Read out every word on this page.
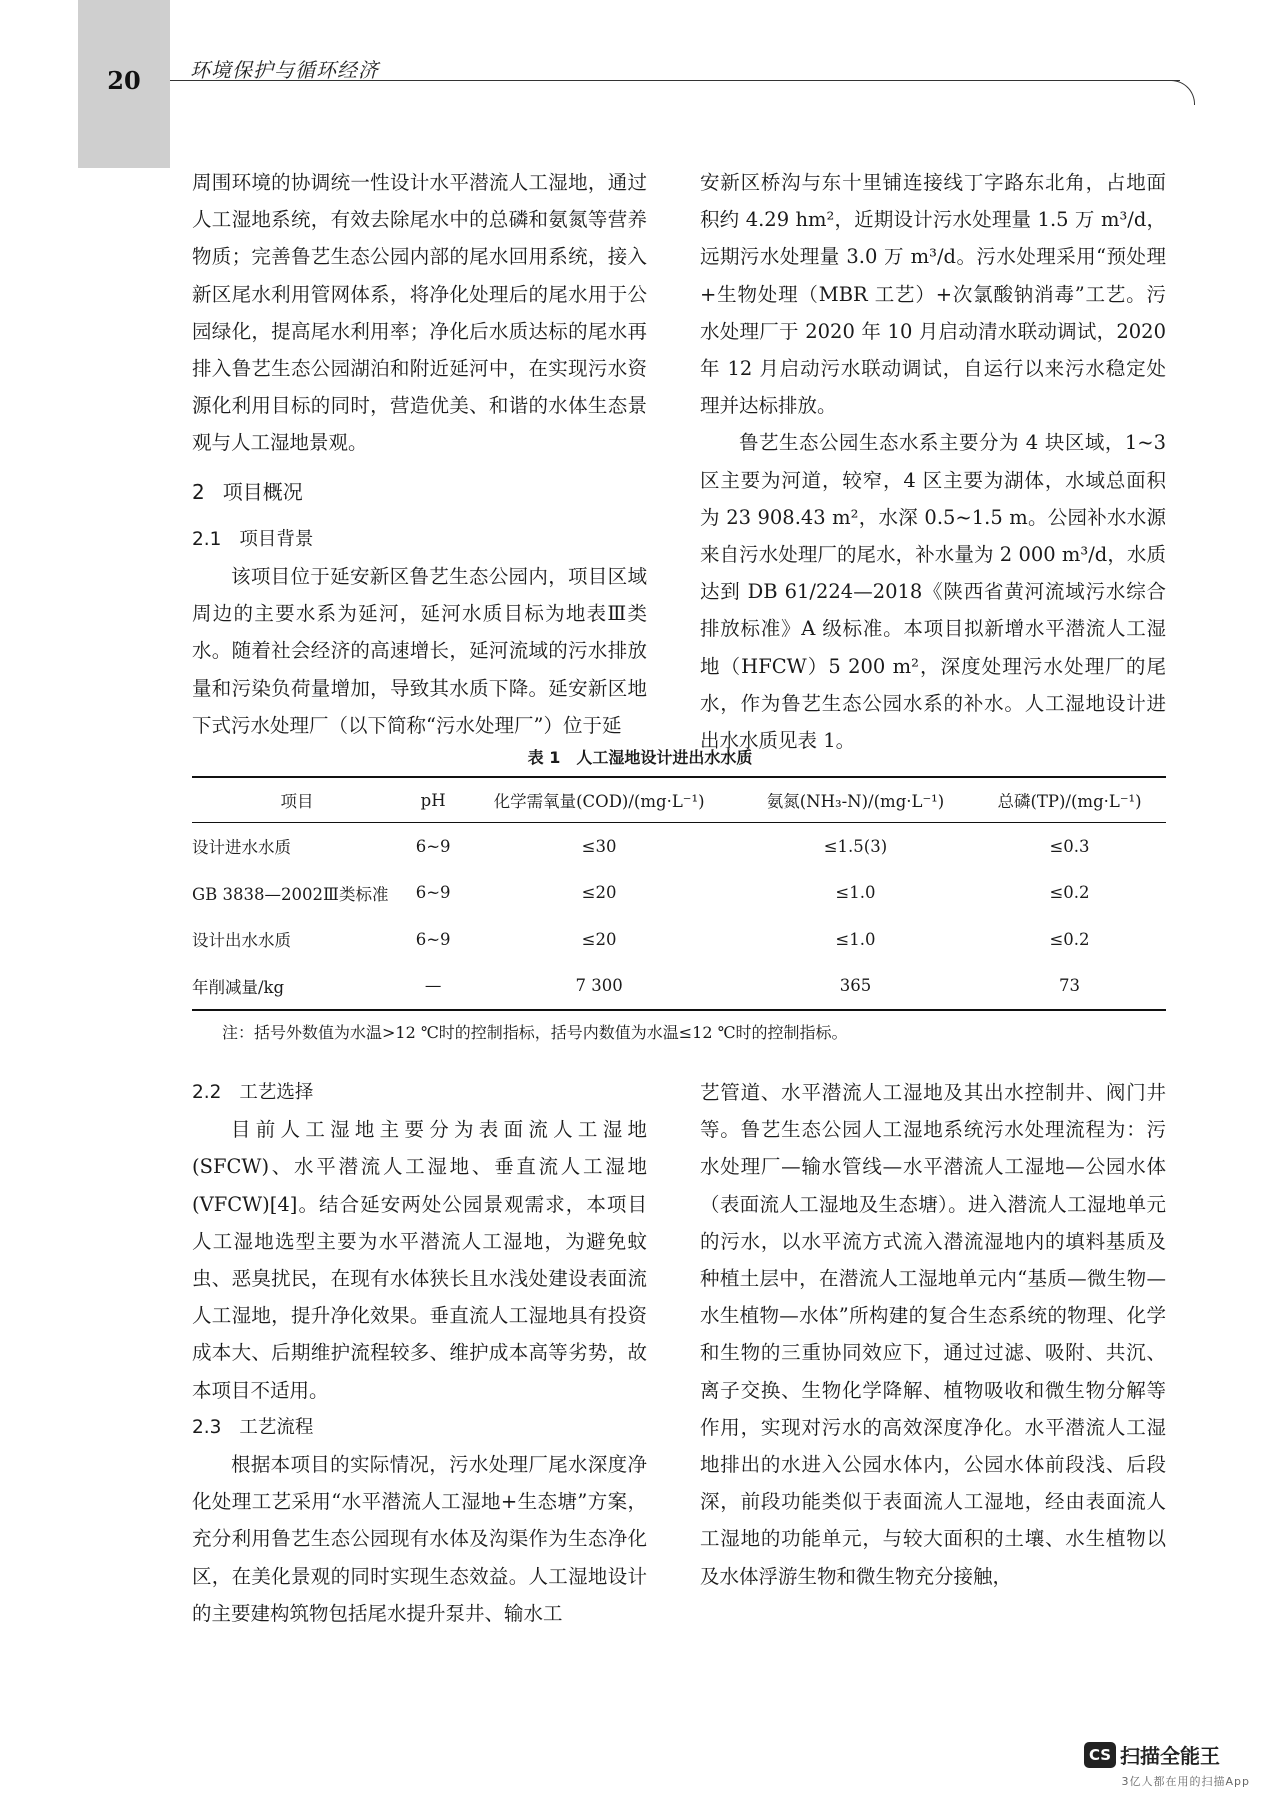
20	环境保护与循环经济

周围环境的协调统一性设计水平潜流人工湿地，通过人工湿地系统，有效去除尾水中的总磷和氨氮等营养物质；完善鲁艺生态公园内部的尾水回用系统，接入新区尾水利用管网体系，将净化处理后的尾水用于公园绿化，提高尾水利用率；净化后水质达标的尾水再排入鲁艺生态公园湖泊和附近延河中，在实现污水资源化利用目标的同时，营造优美、和谐的水体生态景观与人工湿地景观。

2 项目概况
2.1 项目背景

该项目位于延安新区鲁艺生态公园内，项目区域周边的主要水系为延河，延河水质目标为地表Ⅲ类水。随着社会经济的高速增长，延河流域的污水排放量和污染负荷量增加，导致其水质下降。延安新区地下式污水处理厂（以下简称“污水处理厂”）位于延

安新区桥沟与东十里铺连接线丁字路东北角，占地面积约 4.29 hm²，近期设计污水处理量 1.5 万 m³/d，远期污水处理量 3.0 万 m³/d。污水处理采用“预处理+生物处理（MBR 工艺）+次氯酸钠消毒”工艺。污水处理厂于 2020 年 10 月启动清水联动调试，2020 年 12 月启动污水联动调试，自运行以来污水稳定处理并达标排放。

鲁艺生态公园生态水系主要分为 4 块区域，1~3区主要为河道，较窄，4 区主要为湖体，水域总面积为 23 908.43 m²，水深 0.5~1.5 m。公园补水水源来自污水处理厂的尾水，补水量为 2 000 m³/d，水质达到 DB 61/224—2018《陕西省黄河流域污水综合排放标准》A 级标准。本项目拟新增水平潜流人工湿地（HFCW）5 200 m²，深度处理污水处理厂的尾水，作为鲁艺生态公园水系的补水。人工湿地设计进出水水质见表 1。

表 1　人工湿地设计进出水水质
项目	pH	化学需氧量(COD)/(mg·L⁻¹)	氨氮(NH₃-N)/(mg·L⁻¹)	总磷(TP)/(mg·L⁻¹)
设计进水水质	6~9	≤30	≤1.5(3)	≤0.3
GB 3838—2002Ⅲ类标准	6~9	≤20	≤1.0	≤0.2
设计出水水质	6~9	≤20	≤1.0	≤0.2
年削减量/kg	—	7 300	365	73
注：括号外数值为水温>12 ℃时的控制指标，括号内数值为水温≤12 ℃时的控制指标。
2.2 工艺选择

目前人工湿地主要分为表面流人工湿地(SFCW)、水平潜流人工湿地、垂直流人工湿地(VFCW)[4]。结合延安两处公园景观需求，本项目人工湿地选型主要为水平潜流人工湿地，为避免蚊虫、恶臭扰民，在现有水体狭长且水浅处建设表面流人工湿地，提升净化效果。垂直流人工湿地具有投资成本大、后期维护流程较多、维护成本高等劣势，故本项目不适用。

2.3 工艺流程

根据本项目的实际情况，污水处理厂尾水深度净化处理工艺采用“水平潜流人工湿地+生态塘”方案，充分利用鲁艺生态公园现有水体及沟渠作为生态净化区，在美化景观的同时实现生态效益。人工湿地设计的主要建构筑物包括尾水提升泵井、输水工

艺管道、水平潜流人工湿地及其出水控制井、阀门井等。鲁艺生态公园人工湿地系统污水处理流程为：污水处理厂—输水管线—水平潜流人工湿地—公园水体（表面流人工湿地及生态塘）。进入潜流人工湿地单元的污水，以水平流方式流入潜流湿地内的填料基质及种植土层中，在潜流人工湿地单元内“基质—微生物—水生植物—水体”所构建的复合生态系统的物理、化学和生物的三重协同效应下，通过过滤、吸附、共沉、离子交换、生物化学降解、植物吸收和微生物分解等作用，实现对污水的高效深度净化。水平潜流人工湿地排出的水进入公园水体内，公园水体前段浅、后段深，前段功能类似于表面流人工湿地，经由表面流人工湿地的功能单元，与较大面积的土壤、水生植物以及水体浮游生物和微生物充分接触，

CS 扫描全能王
3亿人都在用的扫描App
